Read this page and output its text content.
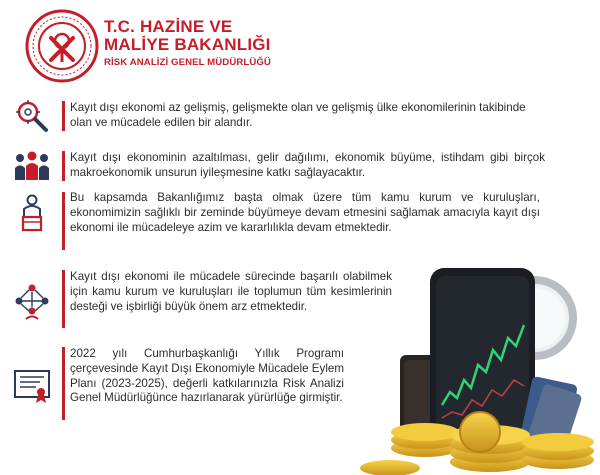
T.C. HAZİNE VE
MALİYE BAKANLIĞI
RİSK ANALİZİ GENEL MÜDÜRLÜĞÜ
Kayıt dışı ekonomi az gelişmiş, gelişmekte olan ve gelişmiş ülke ekonomilerinin takibinde olan ve mücadele edilen bir alandır.
Kayıt dışı ekonominin azaltılması, gelir dağılımı, ekonomik büyüme, istihdam gibi birçok makroekonomik unsurun iyileşmesine katkı sağlayacaktır.
Bu kapsamda Bakanlığımız başta olmak üzere tüm kamu kurum ve kuruluşları, ekonomimizin sağlıklı bir zeminde büyümeye devam etmesini sağlamak amacıyla kayıt dışı ekonomi ile mücadeleye azim ve kararlılıkla devam etmektedir.
Kayıt dışı ekonomi ile mücadele sürecinde başarılı olabilmek için kamu kurum ve kuruluşları ile toplumun tüm kesimlerinin desteği ve işbirliği büyük önem arz etmektedir.
2022 yılı Cumhurbaşkanlığı Yıllık Programı çerçevesinde Kayıt Dışı Ekonomiyle Mücadele Eylem Planı (2023-2025), değerli katkılarınızla Risk Analizi Genel Müdürlüğünce hazırlanarak yürürlüğe girmiştir.
